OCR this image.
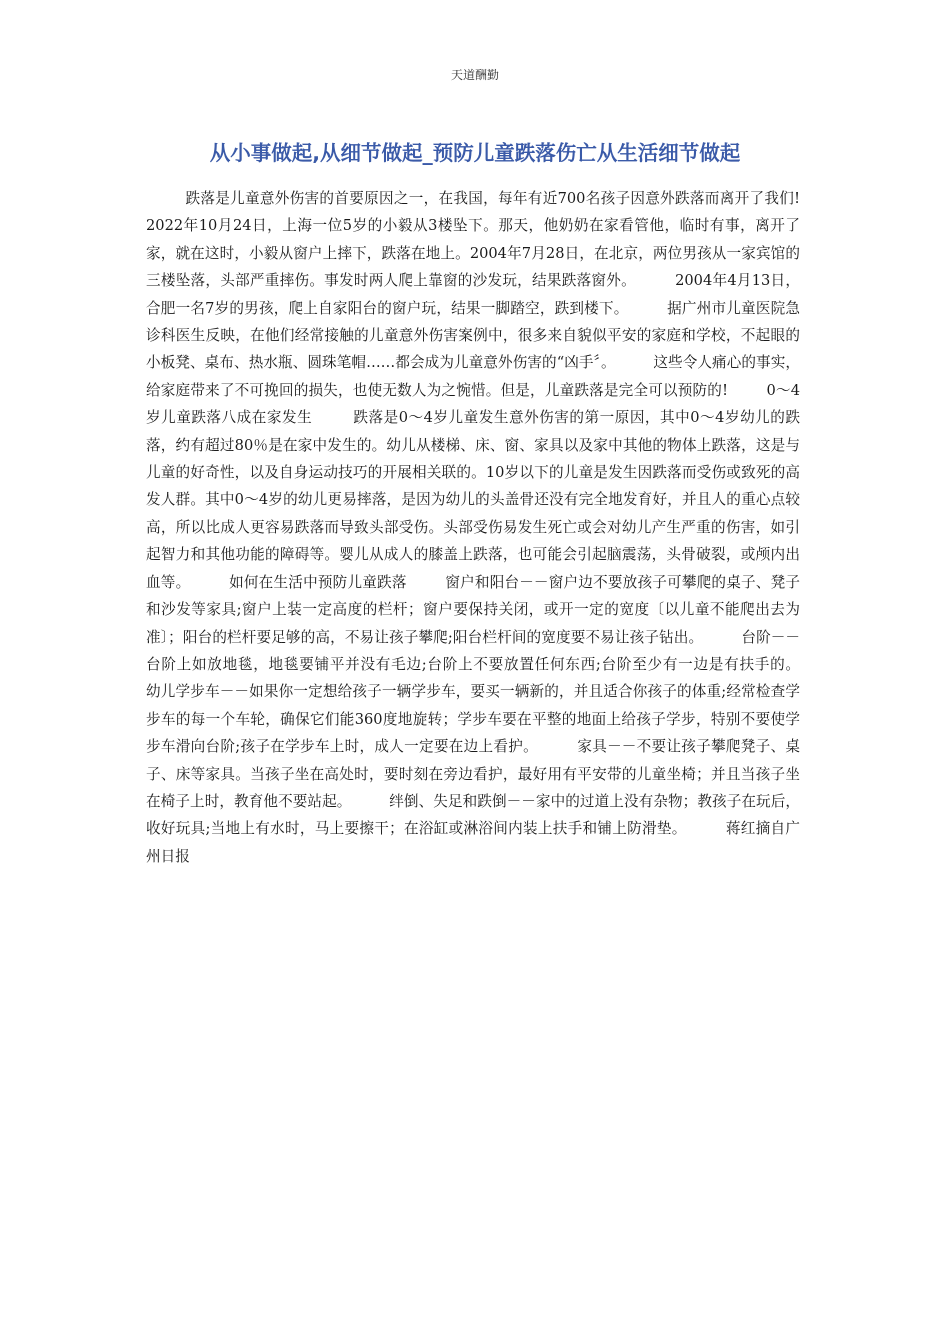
天道酬勤
从小事做起,从细节做起_预防儿童跌落伤亡从生活细节做起
跌落是儿童意外伤害的首要原因之一，在我国，每年有近700名孩子因意外跌落而离开了我们!        2022年10月24日，上海一位5岁的小毅从3楼坠下。那天，他奶奶在家看管他，临时有事，离开了家，就在这时，小毅从窗户上摔下，跌落在地上。2004年7月28日，在北京，两位男孩从一家宾馆的三楼坠落，头部严重摔伤。事发时两人爬上靠窗的沙发玩，结果跌落窗外。        2004年4月13日，合肥一名7岁的男孩，爬上自家阳台的窗户玩，结果一脚踏空，跌到楼下。        据广州市儿童医院急诊科医生反映，在他们经常接触的儿童意外伤害案例中，很多来自貌似平安的家庭和学校，不起眼的小板凳、桌布、热水瓶、圆珠笔帽……都会成为儿童意外伤害的“凶手〞。        这些令人痛心的事实，给家庭带来了不可挽回的损失，也使无数人为之惋惜。但是，儿童跌落是完全可以预防的!        0～4岁儿童跌落八成在家发生        跌落是0～4岁儿童发生意外伤害的第一原因，其中0～4岁幼儿的跌落，约有超过80％是在家中发生的。幼儿从楼梯、床、窗、家具以及家中其他的物体上跌落，这是与儿童的好奇性，以及自身运动技巧的开展相关联的。10岁以下的儿童是发生因跌落而受伤或致死的高发人群。其中0～4岁的幼儿更易摔落，是因为幼儿的头盖骨还没有完全地发育好，并且人的重心点较高，所以比成人更容易跌落而导致头部受伤。头部受伤易发生死亡或会对幼儿产生严重的伤害，如引起智力和其他功能的障碍等。婴儿从成人的膝盖上跌落，也可能会引起脑震荡，头骨破裂，或颅内出血等。        如何在生活中预防儿童跌落        窗户和阳台－－窗户边不要放孩子可攀爬的桌子、凳子和沙发等家具;窗户上装一定高度的栏杆；窗户要保持关闭，或开一定的宽度〔以儿童不能爬出去为准〕；阳台的栏杆要足够的高，不易让孩子攀爬;阳台栏杆间的宽度要不易让孩子钻出。        台阶－－台阶上如放地毯，地毯要铺平并没有毛边;台阶上不要放置任何东西;台阶至少有一边是有扶手的。        幼儿学步车－－如果你一定想给孩子一辆学步车，要买一辆新的，并且适合你孩子的体重;经常检查学步车的每一个车轮，确保它们能360度地旋转；学步车要在平整的地面上给孩子学步，特别不要使学步车滑向台阶;孩子在学步车上时，成人一定要在边上看护。        家具－－不要让孩子攀爬凳子、桌子、床等家具。当孩子坐在高处时，要时刻在旁边看护，最好用有平安带的儿童坐椅；并且当孩子坐在椅子上时，教育他不要站起。        绊倒、失足和跌倒－－家中的过道上没有杂物；教孩子在玩后，收好玩具;当地上有水时，马上要擦干；在浴缸或淋浴间内装上扶手和铺上防滑垫。        蒋红摘自广州日报
